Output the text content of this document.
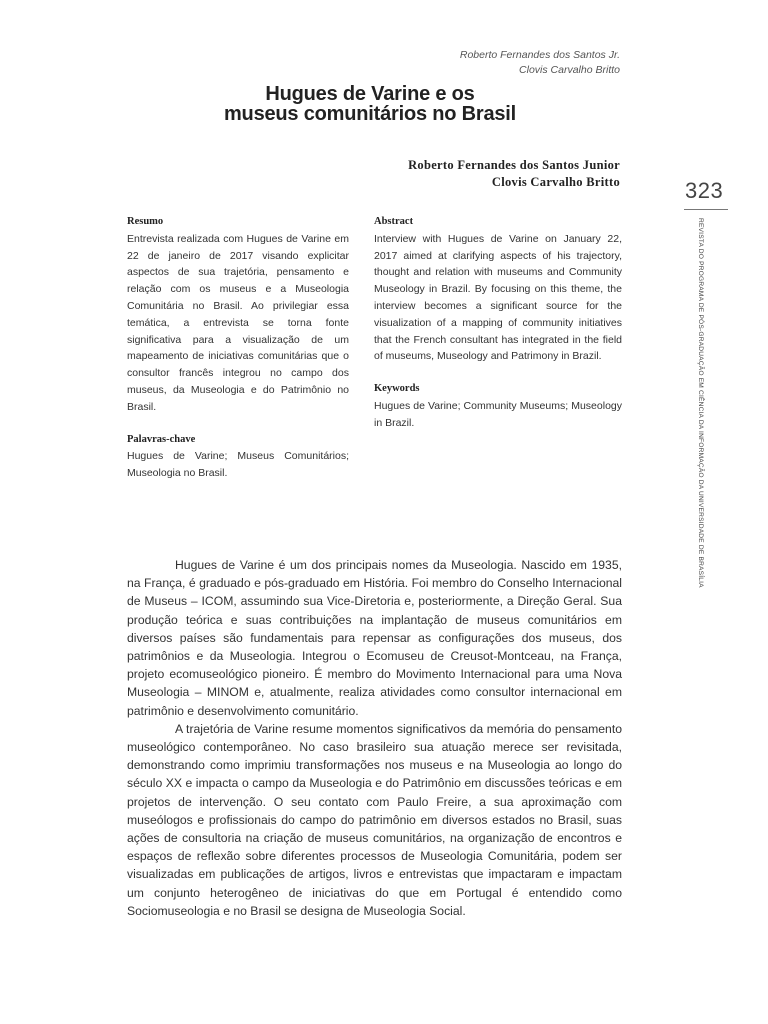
Roberto Fernandes dos Santos Jr.
Clovis Carvalho Britto
Hugues de Varine e os
museus comunitários no Brasil
Roberto Fernandes dos Santos Junior
Clovis Carvalho Britto	323
REVISTA DO PROGRAMA DE PÓS-GRADUAÇÃO EM CIÊNCIA DA INFORMAÇÃO DA UNIVERSIDADE DE BRASÍLIA
Resumo

Entrevista realizada com Hugues de Varine em 22 de janeiro de 2017 visando explicitar aspectos de sua trajetória, pensamento e relação com os museus e a Museologia Comunitária no Brasil. Ao privilegiar essa temática, a entrevista se torna fonte significativa para a visualização de um mapeamento de iniciativas comunitárias que o consultor francês integrou no campo dos museus, da Museologia e do Patrimônio no Brasil.

Palavras-chave

Hugues de Varine; Museus Comunitários; Museologia no Brasil.

Abstract

Interview with Hugues de Varine on January 22, 2017 aimed at clarifying aspects of his trajectory, thought and relation with museums and Community Museology in Brazil. By focusing on this theme, the interview becomes a significant source for the visualization of a mapping of community initiatives that the French consultant has integrated in the field of museums, Museology and Patrimony in Brazil.

Keywords

Hugues de Varine; Community Museums; Museology in Brazil.

Hugues de Varine é um dos principais nomes da Museologia. Nascido em 1935, na França, é graduado e pós-graduado em História. Foi membro do Conselho Internacional de Museus – ICOM, assumindo sua Vice-Diretoria e, posteriormente, a Direção Geral. Sua produção teórica e suas contribuições na implantação de museus comunitários em diversos países são fundamentais para repensar as configurações dos museus, dos patrimônios e da Museologia. Integrou o Ecomuseu de Creusot-Montceau, na França, projeto ecomuseológico pioneiro. É membro do Movimento Internacional para uma Nova Museologia – MINOM e, atualmente, realiza atividades como consultor internacional em patrimônio e desenvolvimento comunitário.

A trajetória de Varine resume momentos significativos da memória do pensamento museológico contemporâneo. No caso brasileiro sua atuação merece ser revisitada, demonstrando como imprimiu transformações nos museus e na Museologia ao longo do século XX e impacta o campo da Museologia e do Patrimônio em discussões teóricas e em projetos de intervenção. O seu contato com Paulo Freire, a sua aproximação com museólogos e profissionais do campo do patrimônio em diversos estados no Brasil, suas ações de consultoria na criação de museus comunitários, na organização de encontros e espaços de reflexão sobre diferentes processos de Museologia Comunitária, podem ser visualizadas em publicações de artigos, livros e entrevistas que impactaram e impactam um conjunto heterogêneo de iniciativas do que em Portugal é entendido como Sociomuseologia e no Brasil se designa de Museologia Social.
